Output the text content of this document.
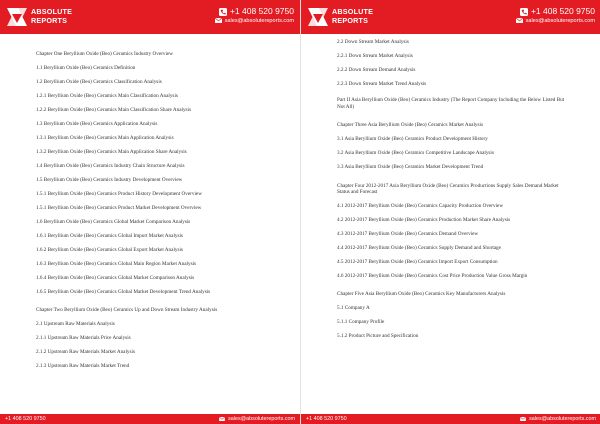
ABSOLUTE
REPORTS
+1 408 520 9750
sales@absolutereports.com
Chapter One Beryllium Oxide (Beo) Ceramics Industry Overview
1.1 Beryllium Oxide (Beo) Ceramics Definition
1.2 Beryllium Oxide (Beo) Ceramics Classification Analysis
1.2.1 Beryllium Oxide (Beo) Ceramics Main Classification Analysis
1.2.2 Beryllium Oxide (Beo) Ceramics Main Classification Share Analysis
1.3 Beryllium Oxide (Beo) Ceramics Application Analysis
1.3.1 Beryllium Oxide (Beo) Ceramics Main Application Analysis
1.3.2 Beryllium Oxide (Beo) Ceramics Main Application Share Analysis
1.4 Beryllium Oxide (Beo) Ceramics Industry Chain Structure Analysis
1.5 Beryllium Oxide (Beo) Ceramics Industry Development Overview
1.5.1 Beryllium Oxide (Beo) Ceramics Product History Development Overview
1.5.1 Beryllium Oxide (Beo) Ceramics Product Market Development Overview
1.6 Beryllium Oxide (Beo) Ceramics Global Market Comparison Analysis
1.6.1 Beryllium Oxide (Beo) Ceramics Global Import Market Analysis
1.6.2 Beryllium Oxide (Beo) Ceramics Global Export Market Analysis
1.6.3 Beryllium Oxide (Beo) Ceramics Global Main Region Market Analysis
1.6.4 Beryllium Oxide (Beo) Ceramics Global Market Comparison Analysis
1.6.5 Beryllium Oxide (Beo) Ceramics Global Market Development Trend Analysis
Chapter Two Beryllium Oxide (Beo) Ceramics Up and Down Stream Industry Analysis
2.1 Upstream Raw Materials Analysis
2.1.1 Upstream Raw Materials Price Analysis
2.1.2 Upstream Raw Materials Market Analysis
2.1.3 Upstream Raw Materials Market Trend
+1 408 520 9750	sales@absolutereports.com
ABSOLUTE
REPORTS
+1 408 520 9750
sales@absolutereports.com
2.2 Down Stream Market Analysis
2.2.1 Down Stream Market Analysis
2.2.2 Down Stream Demand Analysis
2.2.3 Down Stream Market Trend Analysis
Part II Asia Beryllium Oxide (Beo) Ceramics Industry (The Report Company Including the Below Listed But Not All)
Chapter Three Asia Beryllium Oxide (Beo) Ceramics Market Analysis
3.1 Asia Beryllium Oxide (Beo) Ceramics Product Development History
3.2 Asia Beryllium Oxide (Beo) Ceramics Competitive Landscape Analysis
3.3 Asia Beryllium Oxide (Beo) Ceramics Market Development Trend
Chapter Four 2012-2017 Asia Beryllium Oxide (Beo) Ceramics Productions Supply Sales Demand Market Status and Forecast
4.1 2012-2017 Beryllium Oxide (Beo) Ceramics Capacity Production Overview
4.2 2012-2017 Beryllium Oxide (Beo) Ceramics Production Market Share Analysis
4.3 2012-2017 Beryllium Oxide (Beo) Ceramics Demand Overview
4.4 2012-2017 Beryllium Oxide (Beo) Ceramics Supply Demand and Shortage
4.5 2012-2017 Beryllium Oxide (Beo) Ceramics Import Export Consumption
4.6 2012-2017 Beryllium Oxide (Beo) Ceramics Cost Price Production Value Gross Margin
Chapter Five Asia Beryllium Oxide (Beo) Ceramics Key Manufacturers Analysis
5.1 Company A
5.1.1 Company Profile
5.1.2 Product Picture and Specification
+1 408 520 9750	sales@absolutereports.com
